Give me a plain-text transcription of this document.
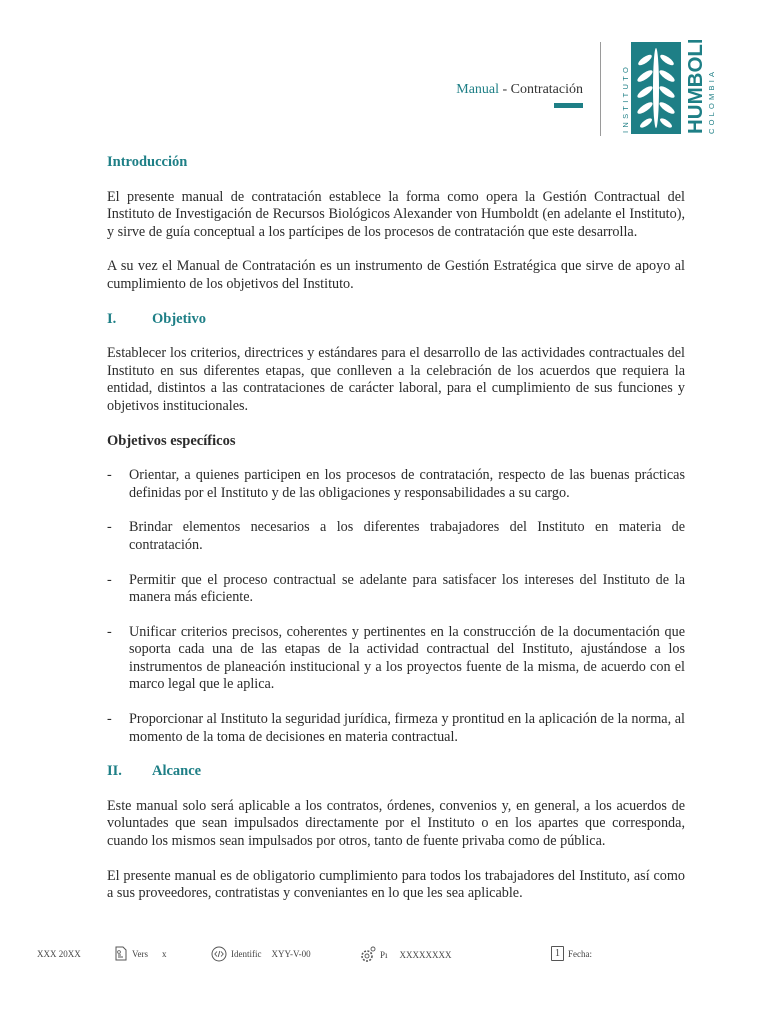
Manual - Contratación	INSTITUTO	HUMBOLDT COLOMBIA
Introducción

El presente manual de contratación establece la forma como opera la Gestión Contractual del Instituto de Investigación de Recursos Biológicos Alexander von Humboldt (en adelante el Instituto), y sirve de guía conceptual a los partícipes de los procesos de contratación que este desarrolla.

A su vez el Manual de Contratación es un instrumento de Gestión Estratégica que sirve de apoyo al cumplimiento de los objetivos del Instituto.

I. Objetivo

Establecer los criterios, directrices y estándares para el desarrollo de las actividades contractuales del Instituto en sus diferentes etapas, que conlleven a la celebración de los acuerdos que requiera la entidad, distintos a las contrataciones de carácter laboral, para el cumplimiento de sus funciones y objetivos institucionales.

Objetivos específicos
- Orientar, a quienes participen en los procesos de contratación, respecto de las buenas prácticas definidas por el Instituto y de las obligaciones y responsabilidades a su cargo.
- Brindar elementos necesarios a los diferentes trabajadores del Instituto en materia de contratación.
- Permitir que el proceso contractual se adelante para satisfacer los intereses del Instituto de la manera más eficiente.
- Unificar criterios precisos, coherentes y pertinentes en la construcción de la documentación que soporta cada una de las etapas de la actividad contractual del Instituto, ajustándose a los instrumentos de planeación institucional y a los proyectos fuente de la misma, de acuerdo con el marco legal que le aplica.
- Proporcionar al Instituto la seguridad jurídica, firmeza y prontitud en la aplicación de la norma, al momento de la toma de decisiones en materia contractual.
II. Alcance

Este manual solo será aplicable a los contratos, órdenes, convenios y, en general, a los acuerdos de voluntades que sean impulsados directamente por el Instituto o en los apartes que corresponda, cuando los mismos sean impulsados por otros, tanto de fuente privaba como de pública.

El presente manual es de obligatorio cumplimiento para todos los trabajadores del Instituto, así como a sus proveedores, contratistas y conveniantes en lo que les sea aplicable.

XXX 20XX	Vers x	Identific XYY-V-00	Pı XXXXXXXX	1 Fecha:
